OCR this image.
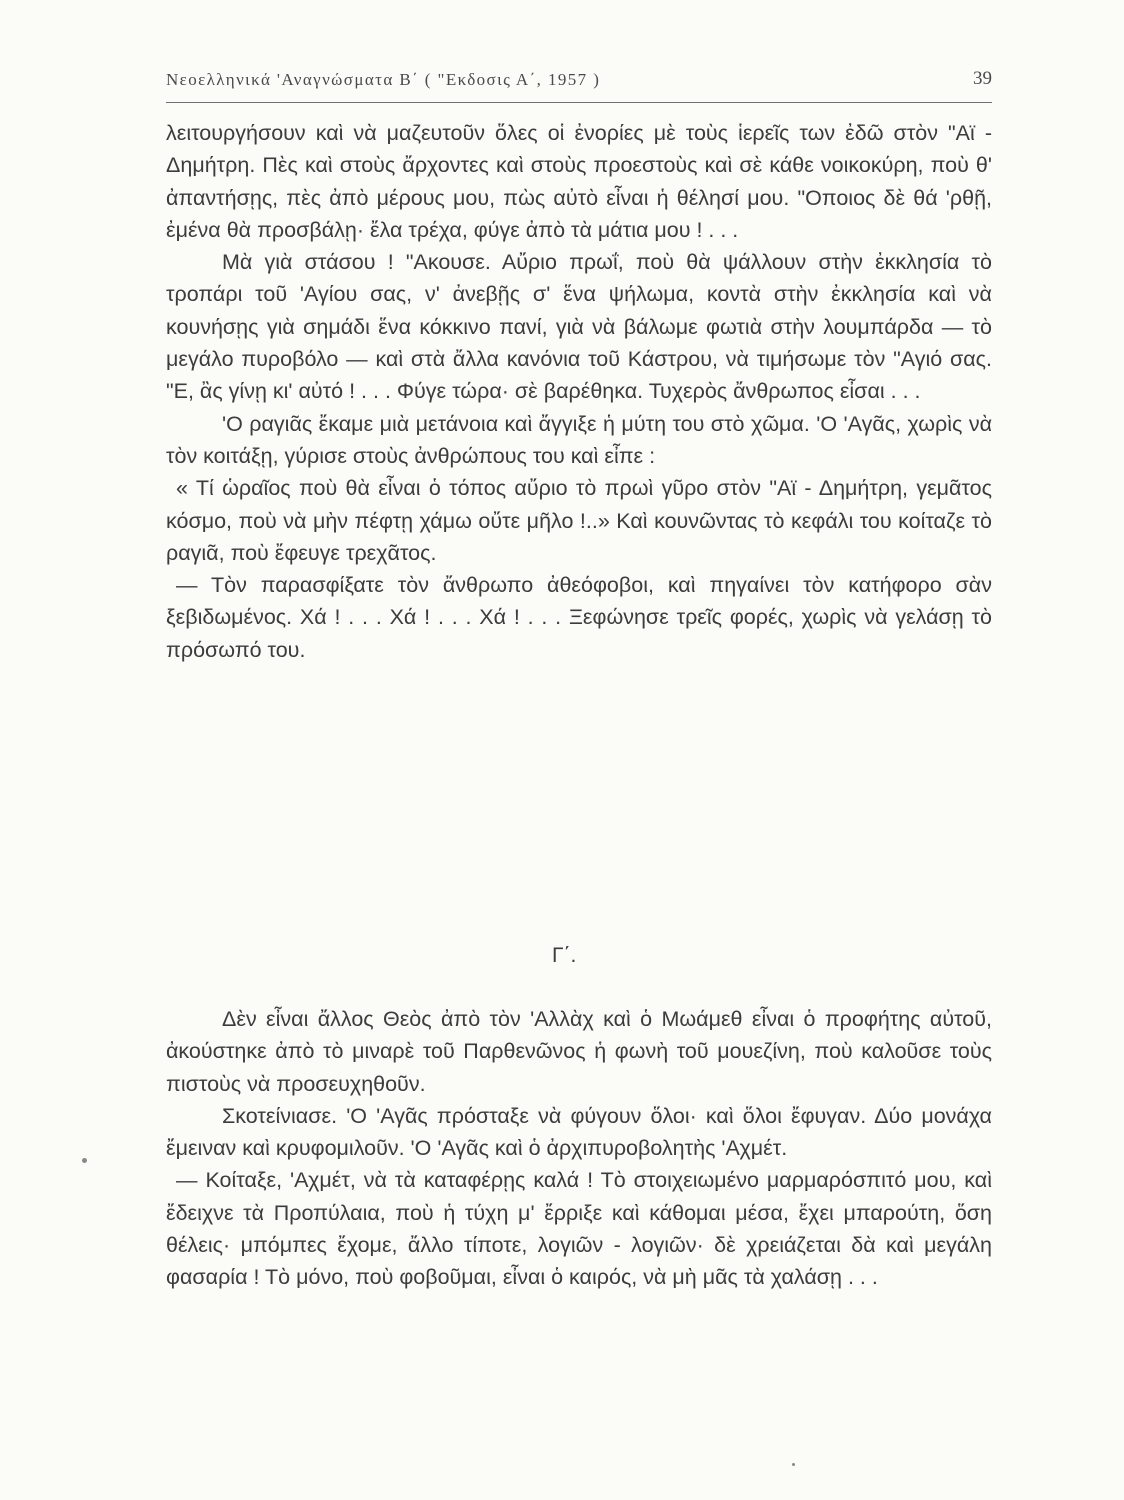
Νεοελληνικά 'Αναγνώσματα Β΄ ( "Εκδοσις Α΄, 1957 )	39

λειτουργήσουν καὶ νὰ μαζευτοῦν ὅλες οἱ ἐνορίες μὲ τοὺς ἱερεῖς των ἐδῶ στὸν "Αϊ - Δημήτρη. Πὲς καὶ στοὺς ἄρχοντες καὶ στοὺς προεστοὺς καὶ σὲ κάθε νοικοκύρη, ποὺ θ' ἀπαντήσῃς, πὲς ἀπὸ μέρους μου, πὼς αὐτὸ εἶναι ἡ θέλησί μου. "Οποιος δὲ θά 'ρθῇ, ἐμένα θὰ προσβάλῃ· ἔλα τρέχα, φύγε ἀπὸ τὰ μάτια μου ! . . .

Μὰ γιὰ στάσου ! "Ακουσε. Αὔριο πρωΐ, ποὺ θὰ ψάλλουν στὴν ἐκκλησία τὸ τροπάρι τοῦ 'Αγίου σας, ν' ἀνεβῇς σ' ἕνα ψήλωμα, κοντὰ στὴν ἐκκλησία καὶ νὰ κουνήσῃς γιὰ σημάδι ἕνα κόκκινο πανί, γιὰ νὰ βάλωμε φωτιὰ στὴν λουμπάρδα — τὸ μεγάλο πυροβόλο — καὶ στὰ ἄλλα κανόνια τοῦ Κάστρου, νὰ τιμήσωμε τὸν "Αγιό σας. "Ε, ἂς γίνῃ κι' αὐτό ! . . . Φύγε τώρα· σὲ βαρέθηκα. Τυχερὸς ἄνθρωπος εἶσαι . . .

'Ο ραγιᾶς ἔκαμε μιὰ μετάνοια καὶ ἄγγιξε ἡ μύτη του στὸ χῶμα. 'Ο 'Αγᾶς, χωρὶς νὰ τὸν κοιτάξῃ, γύρισε στοὺς ἀνθρώπους του καὶ εἶπε :

« Τί ὡραῖος ποὺ θὰ εἶναι ὁ τόπος αὔριο τὸ πρωὶ γῦρο στὸν "Αϊ - Δημήτρη, γεμᾶτος κόσμο, ποὺ νὰ μὴν πέφτῃ χάμω οὔτε μῆλο !..» Καὶ κουνῶντας τὸ κεφάλι του κοίταζε τὸ ραγιᾶ, ποὺ ἔφευγε τρεχᾶτος.

— Τὸν παρασφίξατε τὸν ἄνθρωπο ἀθεόφοβοι, καὶ πηγαίνει τὸν κατήφορο σὰν ξεβιδωμένος. Χά ! . . . Χά ! . . . Χά ! . . . Ξεφώνησε τρεῖς φορές, χωρὶς νὰ γελάσῃ τὸ πρόσωπό του.

Γ΄.

Δὲν εἶναι ἄλλος Θεὸς ἀπὸ τὸν 'Αλλὰχ καὶ ὁ Μωάμεθ εἶναι ὁ προφήτης αὐτοῦ, ἀκούστηκε ἀπὸ τὸ μιναρὲ τοῦ Παρθενῶνος ἡ φωνὴ τοῦ μουεζίνη, ποὺ καλοῦσε τοὺς πιστοὺς νὰ προσευχηθοῦν.

Σκοτείνιασε. 'Ο 'Αγᾶς πρόσταξε νὰ φύγουν ὅλοι· καὶ ὅλοι ἔφυγαν. Δύο μονάχα ἔμειναν καὶ κρυφομιλοῦν. 'Ο 'Αγᾶς καὶ ὁ ἀρχιπυροβολητὴς 'Αχμέτ.

— Κοίταξε, 'Αχμέτ, νὰ τὰ καταφέρῃς καλά ! Τὸ στοιχειωμένο μαρμαρόσπιτό μου, καὶ ἔδειχνε τὰ Προπύλαια, ποὺ ἡ τύχη μ' ἔρριξε καὶ κάθομαι μέσα, ἔχει μπαρούτη, ὅση θέλεις· μπόμπες ἔχομε, ἄλλο τίποτε, λογιῶν - λογιῶν· δὲ χρειάζεται δὰ καὶ μεγάλη φασαρία ! Τὸ μόνο, ποὺ φοβοῦμαι, εἶναι ὁ καιρός, νὰ μὴ μᾶς τὰ χαλάσῃ . . .
